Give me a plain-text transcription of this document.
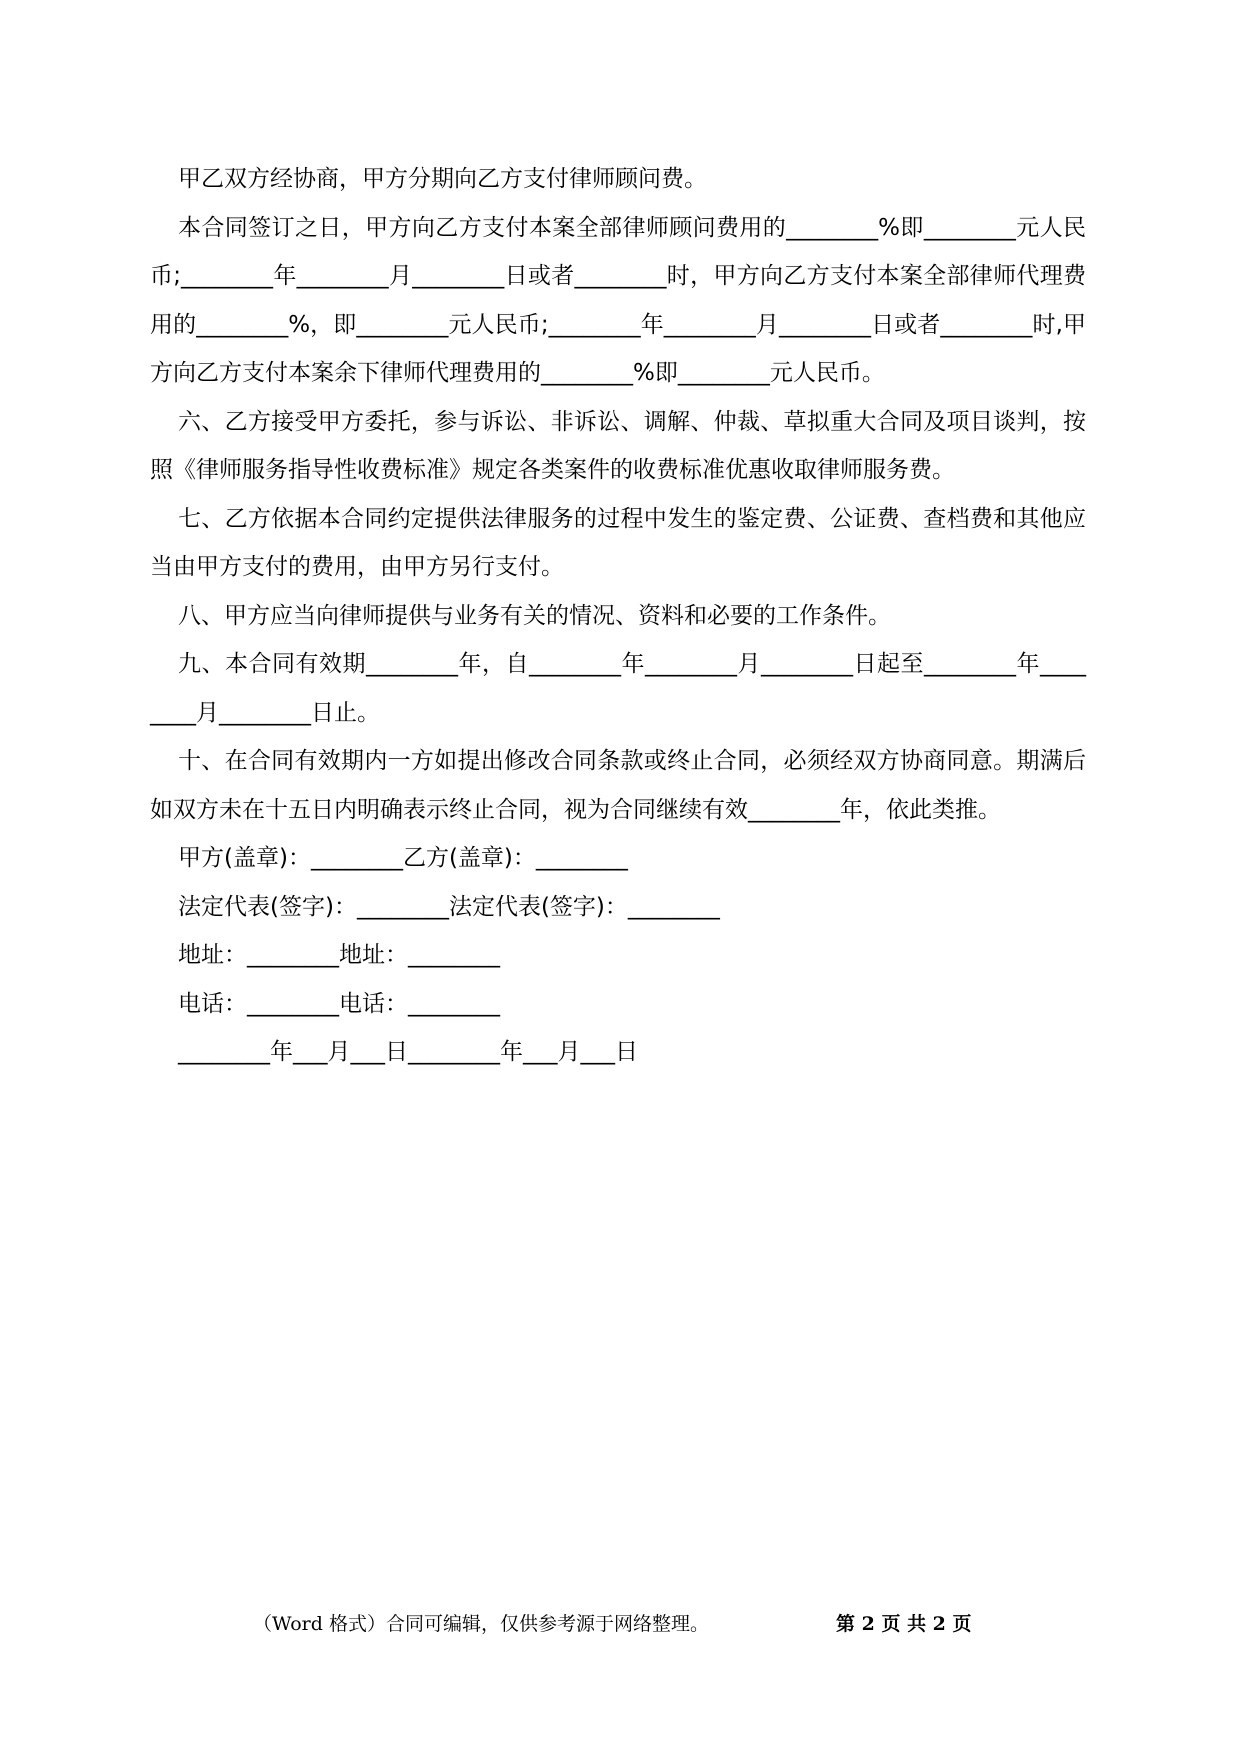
甲乙双方经协商，甲方分期向乙方支付律师顾问费。

本合同签订之日，甲方向乙方支付本案全部律师顾问费用的________%即________元人民币;________年________月________日或者________时，甲方向乙方支付本案全部律师代理费用的________%，即________元人民币;________年________月________日或者________时,甲方向乙方支付本案余下律师代理费用的________%即________元人民币。

六、乙方接受甲方委托，参与诉讼、非诉讼、调解、仲裁、草拟重大合同及项目谈判，按照《律师服务指导性收费标准》规定各类案件的收费标准优惠收取律师服务费。

七、乙方依据本合同约定提供法律服务的过程中发生的鉴定费、公证费、查档费和其他应当由甲方支付的费用，由甲方另行支付。

八、甲方应当向律师提供与业务有关的情况、资料和必要的工作条件。

九、本合同有效期________年，自________年________月________日起至________年________月________日止。

十、在合同有效期内一方如提出修改合同条款或终止合同，必须经双方协商同意。期满后如双方未在十五日内明确表示终止合同，视为合同继续有效________年，依此类推。

甲方(盖章)：________乙方(盖章)：________

法定代表(签字)：________法定代表(签字)：________

地址：________地址：________

电话：________电话：________

________年___月___日________年___月___日

（Word 格式）合同可编辑，仅供参考源于网络整理。	第 2 页 共 2 页
